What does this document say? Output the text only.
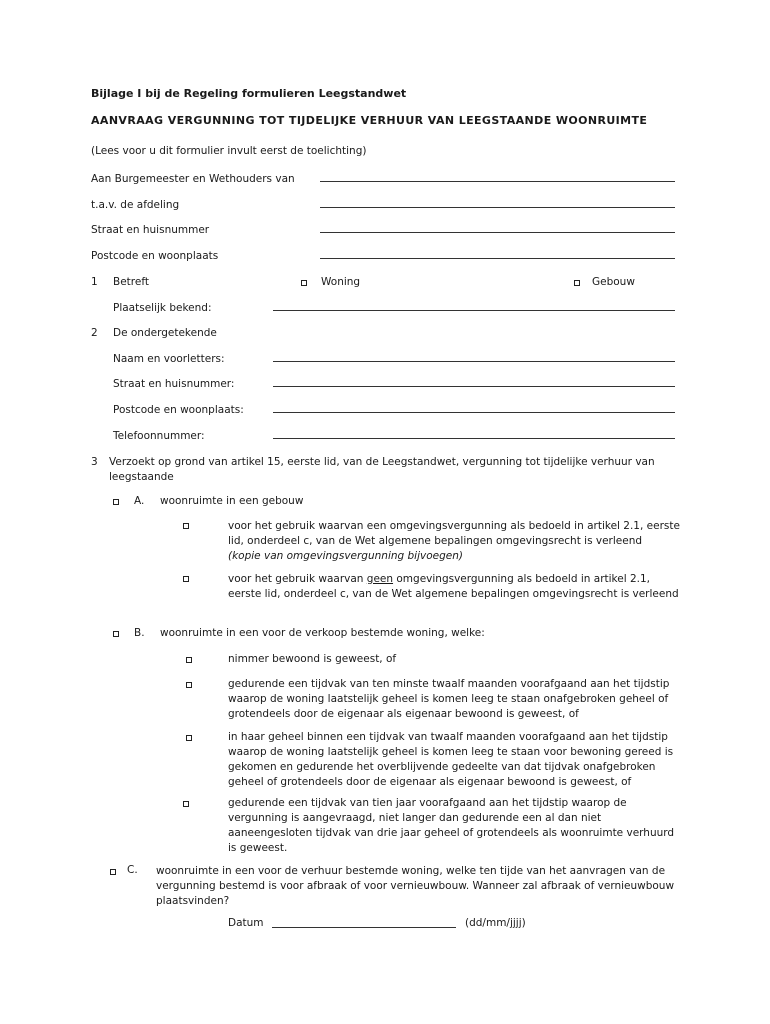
Bijlage I bij de Regeling formulieren Leegstandwet
AANVRAAG VERGUNNING TOT TIJDELIJKE VERHUUR VAN LEEGSTAANDE WOONRUIMTE
(Lees voor u dit formulier invult eerst de toelichting)
Aan Burgemeester en Wethouders van
t.a.v. de afdeling
Straat en huisnummer
Postcode en woonplaats
1 Betreft	Woning	Gebouw
Plaatselijk bekend:
2 De ondergetekende
Naam en voorletters:
Straat en huisnummer:
Postcode en woonplaats:
Telefoonnummer:
3 Verzoekt op grond van artikel 15, eerste lid, van de Leegstandwet, vergunning tot tijdelijke verhuur van
leegstaande
A. woonruimte in een gebouw
voor het gebruik waarvan een omgevingsvergunning als bedoeld in artikel 2.1, eerste
lid, onderdeel c, van de Wet algemene bepalingen omgevingsrecht is verleend
(kopie van omgevingsvergunning bijvoegen)
voor het gebruik waarvan geen omgevingsvergunning als bedoeld in artikel 2.1,
eerste lid, onderdeel c, van de Wet algemene bepalingen omgevingsrecht is verleend
B. woonruimte in een voor de verkoop bestemde woning, welke:
nimmer bewoond is geweest, of
gedurende een tijdvak van ten minste twaalf maanden voorafgaand aan het tijdstip
waarop de woning laatstelijk geheel is komen leeg te staan onafgebroken geheel of
grotendeels door de eigenaar als eigenaar bewoond is geweest, of
in haar geheel binnen een tijdvak van twaalf maanden voorafgaand aan het tijdstip
waarop de woning laatstelijk geheel is komen leeg te staan voor bewoning gereed is
gekomen en gedurende het overblijvende gedeelte van dat tijdvak onafgebroken
geheel of grotendeels door de eigenaar als eigenaar bewoond is geweest, of
gedurende een tijdvak van tien jaar voorafgaand aan het tijdstip waarop de
vergunning is aangevraagd, niet langer dan gedurende een al dan niet
aaneengesloten tijdvak van drie jaar geheel of grotendeels als woonruimte verhuurd
is geweest.
C. woonruimte in een voor de verhuur bestemde woning, welke ten tijde van het aanvragen van de
vergunning bestemd is voor afbraak of voor vernieuwbouw. Wanneer zal afbraak of vernieuwbouw
plaatsvinden?
Datum	(dd/mm/jjjj)
